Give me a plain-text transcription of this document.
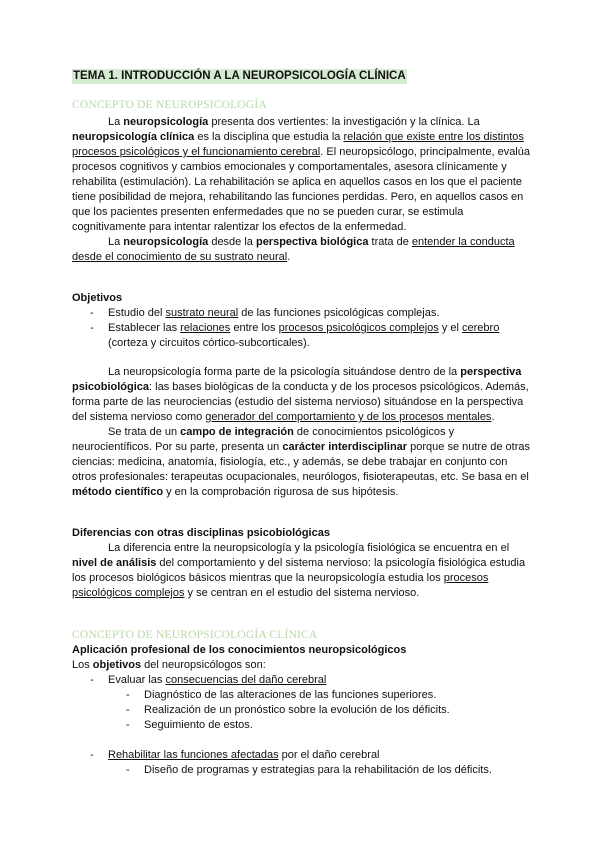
TEMA 1. INTRODUCCIÓN A LA NEUROPSICOLOGÍA CLÍNICA
CONCEPTO DE NEUROPSICOLOGÍA

La neuropsicología presenta dos vertientes: la investigación y la clínica. La neuropsicología clínica es la disciplina que estudia la relación que existe entre los distintos procesos psicológicos y el funcionamiento cerebral. El neuropsicólogo, principalmente, evalúa procesos cognitivos y cambios emocionales y comportamentales, asesora clínicamente y rehabilita (estimulación). La rehabilitación se aplica en aquellos casos en los que el paciente tiene posibilidad de mejora, rehabilitando las funciones perdidas. Pero, en aquellos casos en que los pacientes presenten enfermedades que no se pueden curar, se estimula cognitivamente para intentar ralentizar los efectos de la enfermedad.

La neuropsicología desde la perspectiva biológica trata de entender la conducta desde el conocimiento de su sustrato neural.

Objetivos

- Estudio del sustrato neural de las funciones psicológicas complejas.
- Establecer las relaciones entre los procesos psicológicos complejos y el cerebro (corteza y circuitos córtico-subcorticales).

La neuropsicología forma parte de la psicología situándose dentro de la perspectiva psicobiológica: las bases biológicas de la conducta y de los procesos psicológicos. Además, forma parte de las neurociencias (estudio del sistema nervioso) situándose en la perspectiva del sistema nervioso como generador del comportamiento y de los procesos mentales.

Se trata de un campo de integración de conocimientos psicológicos y neurocientíficos. Por su parte, presenta un carácter interdisciplinar porque se nutre de otras ciencias: medicina, anatomía, fisiología, etc., y además, se debe trabajar en conjunto con otros profesionales: terapeutas ocupacionales, neurólogos, fisioterapeutas, etc. Se basa en el método científico y en la comprobación rigurosa de sus hipótesis.

Diferencias con otras disciplinas psicobiológicas

La diferencia entre la neuropsicología y la psicología fisiológica se encuentra en el nivel de análisis del comportamiento y del sistema nervioso: la psicología fisiológica estudia los procesos biológicos básicos mientras que la neuropsicología estudia los procesos psicológicos complejos y se centran en el estudio del sistema nervioso.

CONCEPTO DE NEUROPSICOLOGÍA CLÍNICA

Aplicación profesional de los conocimientos neuropsicológicos

Los objetivos del neuropsicólogos son:

- Evaluar las consecuencias del daño cerebral
- Diagnóstico de las alteraciones de las funciones superiores.
- Realización de un pronóstico sobre la evolución de los déficits.
- Seguimiento de estos.
- Rehabilitar las funciones afectadas por el daño cerebral
- Diseño de programas y estrategias para la rehabilitación de los déficits.
